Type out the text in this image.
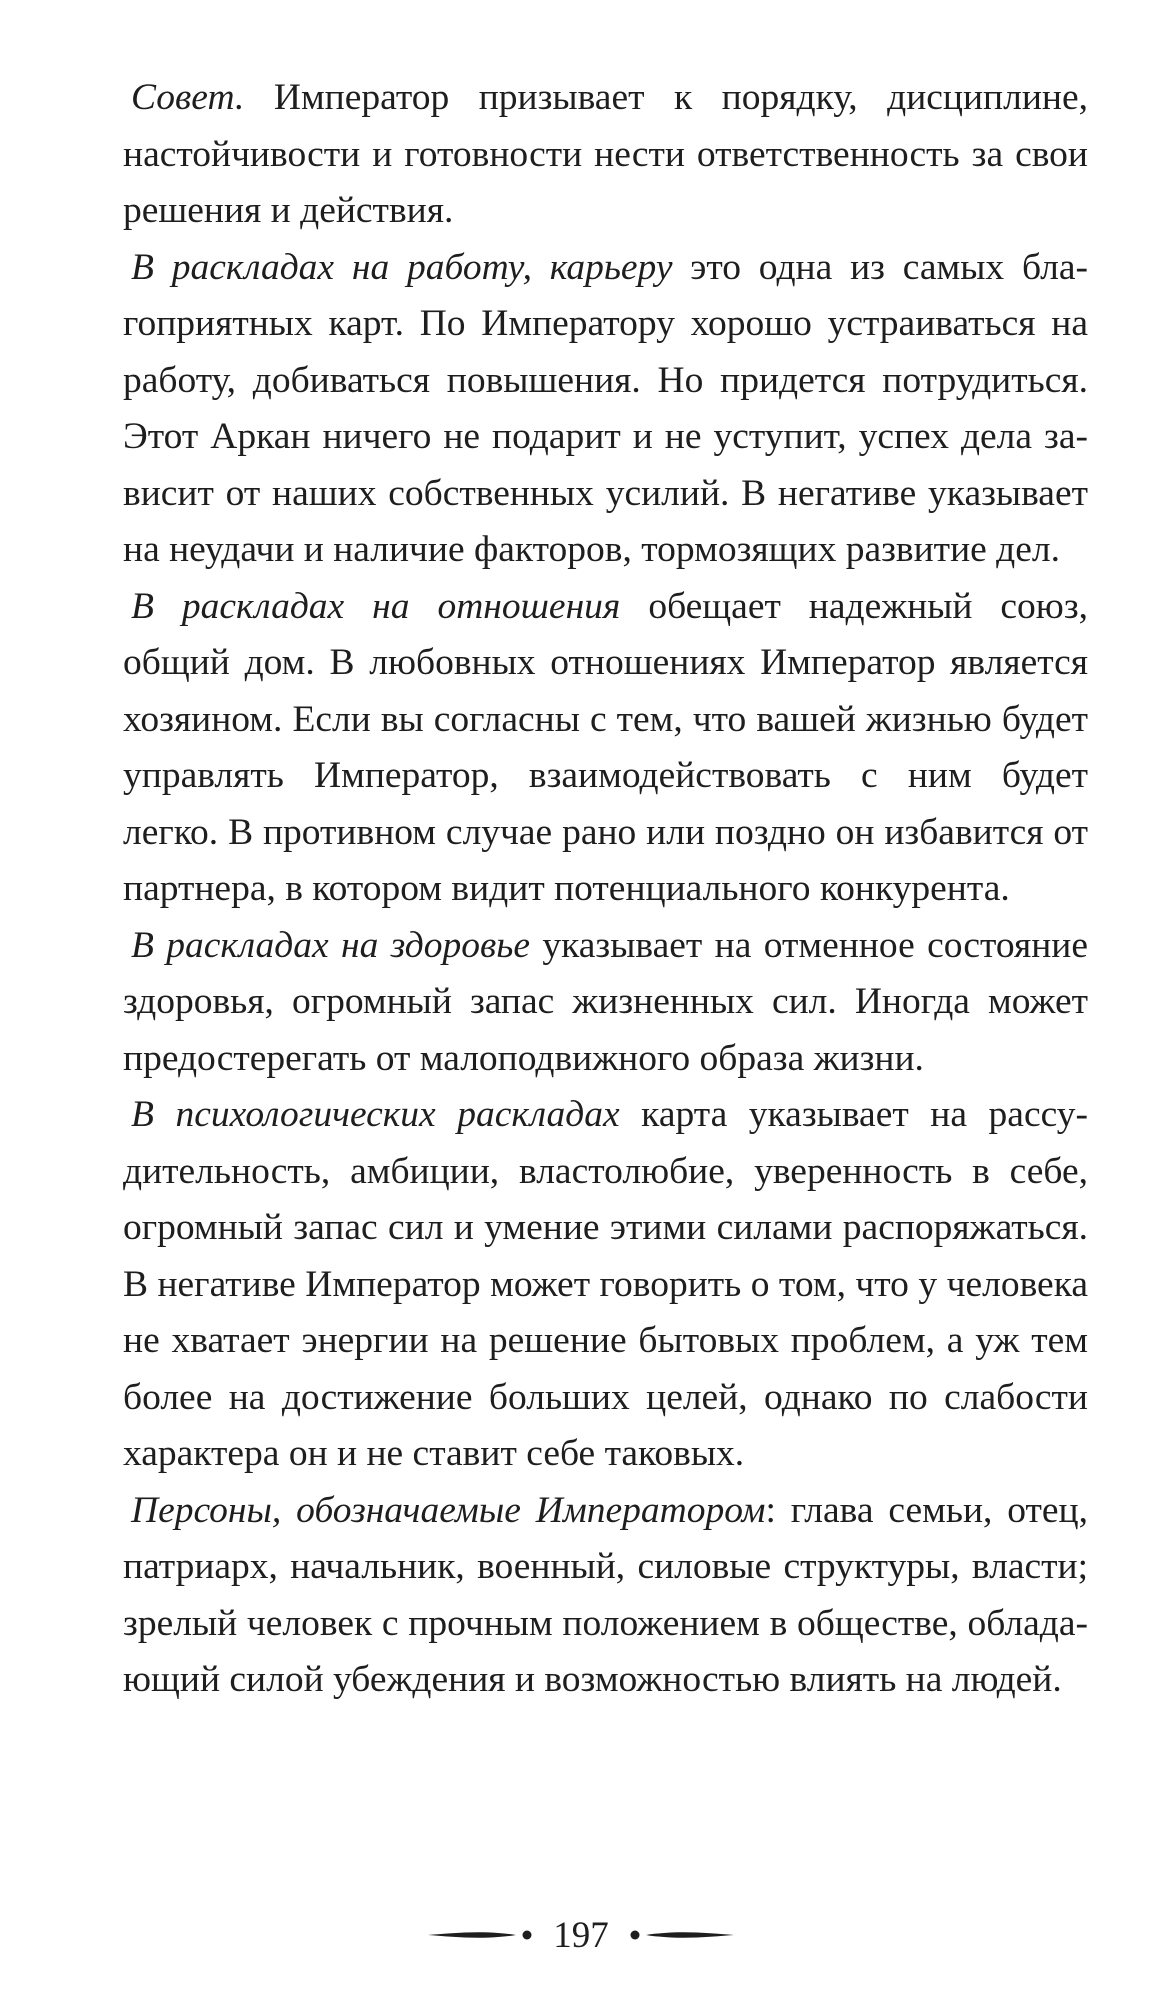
Совет. Император призывает к порядку, дисциплине, настойчивости и готовности нести ответственность за свои решения и действия.

В раскладах на работу, карьеру это одна из самых благоприятных карт. По Императору хорошо устраиваться на работу, добиваться повышения. Но придется потрудиться. Этот Аркан ничего не подарит и не уступит, успех дела зависит от наших собственных усилий. В негативе указывает на неудачи и наличие факторов, тормозящих развитие дел.

В раскладах на отношения обещает надежный союз, общий дом. В любовных отношениях Император является хозяином. Если вы согласны с тем, что вашей жизнью будет управлять Император, взаимодействовать с ним будет легко. В противном случае рано или поздно он избавится от партнера, в котором видит потенциального конкурента.

В раскладах на здоровье указывает на отменное состояние здоровья, огромный запас жизненных сил. Иногда может предостерегать от малоподвижного образа жизни.

В психологических раскладах карта указывает на рассудительность, амбиции, властолюбие, уверенность в себе, огромный запас сил и умение этими силами распоряжаться. В негативе Император может говорить о том, что у человека не хватает энергии на решение бытовых проблем, а уж тем более на достижение больших целей, однако по слабости характера он и не ставит себе таковых.

Персоны, обозначаемые Императором: глава семьи, отец, патриарх, начальник, военный, силовые структуры, власти; зрелый человек с прочным положением в обществе, обладающий силой убеждения и возможностью влиять на людей.

197
